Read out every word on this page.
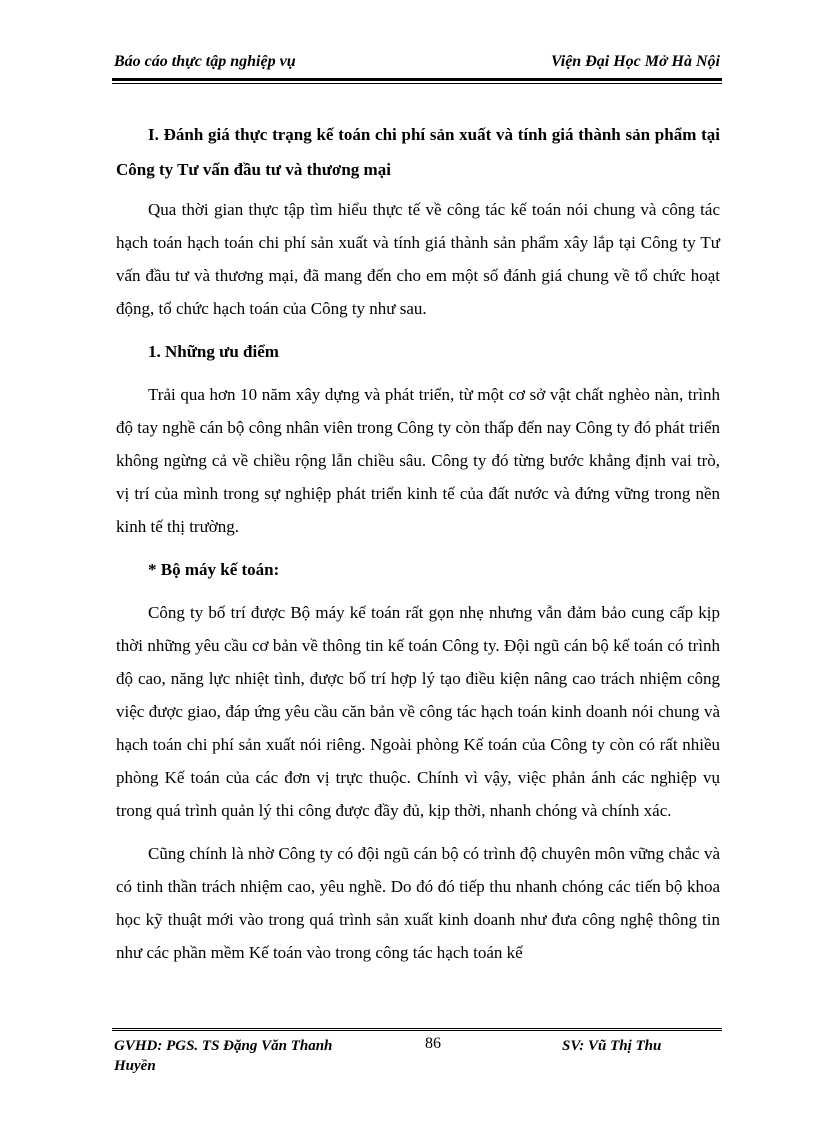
Báo cáo thực tập nghiệp vụ	Viện Đại Học Mở Hà Nội

I. Đánh giá thực trạng kế toán chi phí sản xuất và tính giá thành sản phẩm tại Công ty Tư vấn đầu tư và thương mại

Qua thời gian thực tập tìm hiểu thực tế về công tác kế toán nói chung và công tác hạch toán hạch toán chi phí sản xuất và tính giá thành sản phẩm xây lắp tại Công ty Tư vấn đầu tư và thương mại, đã mang đến cho em một số đánh giá chung về tổ chức hoạt động, tổ chức hạch toán của Công ty như sau.

1. Những ưu điểm

Trải qua hơn 10 năm xây dựng và phát triển, từ một cơ sở vật chất nghèo nàn, trình độ tay nghề cán bộ công nhân viên trong Công ty còn thấp đến nay Công ty đó phát triển không ngừng cả về chiều rộng lẫn chiều sâu. Công ty đó từng bước khẳng định vai trò, vị trí của mình trong sự nghiệp phát triển kinh tế của đất nước và đứng vững trong nền kinh tế thị trường.

* Bộ máy kế toán:

Công ty bố trí được Bộ máy kế toán rất gọn nhẹ nhưng vẫn đảm bảo cung cấp kịp thời những yêu cầu cơ bản về thông tin kế toán Công ty. Đội ngũ cán bộ kế toán có trình độ cao, năng lực nhiệt tình, được bố trí hợp lý tạo điều kiện nâng cao trách nhiệm công việc được giao, đáp ứng yêu cầu căn bản về công tác hạch toán kinh doanh nói chung và hạch toán chi phí sản xuất nói riêng. Ngoài phòng Kế toán của Công ty còn có rất nhiều phòng Kế toán của các đơn vị trực thuộc. Chính vì vậy, việc phản ánh các nghiệp vụ trong quá trình quản lý thi công được đầy đủ, kịp thời, nhanh chóng và chính xác.

Cũng chính là nhờ Công ty có đội ngũ cán bộ có trình độ chuyên môn vững chắc và có tinh thần trách nhiệm cao, yêu nghề. Do đó đó tiếp thu nhanh chóng các tiến bộ khoa học kỹ thuật mới vào trong quá trình sản xuất kinh doanh như đưa công nghệ thông tin như các phần mềm Kế toán vào trong công tác hạch toán kế

GVHD: PGS. TS Đặng Văn Thanh Huyền
86	SV: Vũ Thị Thu
